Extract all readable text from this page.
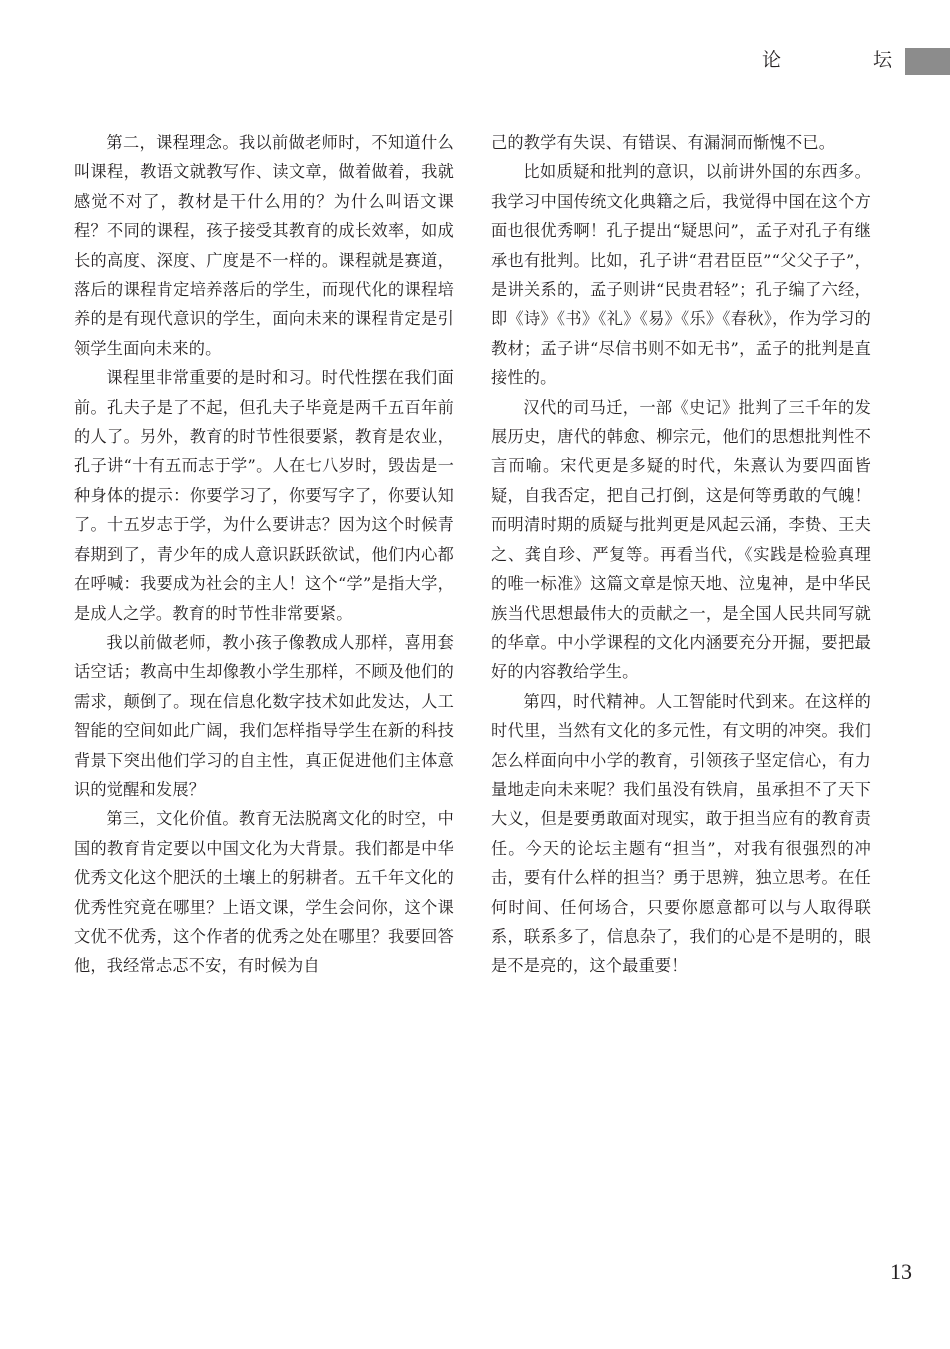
论	坛

第二，课程理念。我以前做老师时，不知道什么叫课程，教语文就教写作、读文章，做着做着，我就感觉不对了，教材是干什么用的？为什么叫语文课程？不同的课程，孩子接受其教育的成长效率，如成长的高度、深度、广度是不一样的。课程就是赛道，落后的课程肯定培养落后的学生，而现代化的课程培养的是有现代意识的学生，面向未来的课程肯定是引领学生面向未来的。

课程里非常重要的是时和习。时代性摆在我们面前。孔夫子是了不起，但孔夫子毕竟是两千五百年前的人了。另外，教育的时节性很要紧，教育是农业，孔子讲“十有五而志于学”。人在七八岁时，毁齿是一种身体的提示：你要学习了，你要写字了，你要认知了。十五岁志于学，为什么要讲志？因为这个时候青春期到了，青少年的成人意识跃跃欲试，他们内心都在呼喊：我要成为社会的主人！这个“学”是指大学，是成人之学。教育的时节性非常要紧。

我以前做老师，教小孩子像教成人那样，喜用套话空话；教高中生却像教小学生那样，不顾及他们的需求，颠倒了。现在信息化数字技术如此发达，人工智能的空间如此广阔，我们怎样指导学生在新的科技背景下突出他们学习的自主性，真正促进他们主体意识的觉醒和发展？

第三，文化价值。教育无法脱离文化的时空，中国的教育肯定要以中国文化为大背景。我们都是中华优秀文化这个肥沃的土壤上的躬耕者。五千年文化的优秀性究竟在哪里？上语文课，学生会问你，这个课文优不优秀，这个作者的优秀之处在哪里？我要回答他，我经常忐忑不安，有时候为自

己的教学有失误、有错误、有漏洞而惭愧不已。

比如质疑和批判的意识，以前讲外国的东西多。我学习中国传统文化典籍之后，我觉得中国在这个方面也很优秀啊！孔子提出“疑思问”，孟子对孔子有继承也有批判。比如，孔子讲“君君臣臣”“父父子子”，是讲关系的，孟子则讲“民贵君轻”；孔子编了六经，即《诗》《书》《礼》《易》《乐》《春秋》，作为学习的教材；孟子讲“尽信书则不如无书”，孟子的批判是直接性的。

汉代的司马迁，一部《史记》批判了三千年的发展历史，唐代的韩愈、柳宗元，他们的思想批判性不言而喻。宋代更是多疑的时代，朱熹认为要四面皆疑，自我否定，把自己打倒，这是何等勇敢的气魄！而明清时期的质疑与批判更是风起云涌，李贽、王夫之、龚自珍、严复等。再看当代，《实践是检验真理的唯一标准》这篇文章是惊天地、泣鬼神，是中华民族当代思想最伟大的贡献之一，是全国人民共同写就的华章。中小学课程的文化内涵要充分开掘，要把最好的内容教给学生。

第四，时代精神。人工智能时代到来。在这样的时代里，当然有文化的多元性，有文明的冲突。我们怎么样面向中小学的教育，引领孩子坚定信心，有力量地走向未来呢？我们虽没有铁肩，虽承担不了天下大义，但是要勇敢面对现实，敢于担当应有的教育责任。今天的论坛主题有“担当”，对我有很强烈的冲击，要有什么样的担当？勇于思辨，独立思考。在任何时间、任何场合，只要你愿意都可以与人取得联系，联系多了，信息杂了，我们的心是不是明的，眼是不是亮的，这个最重要！

13
